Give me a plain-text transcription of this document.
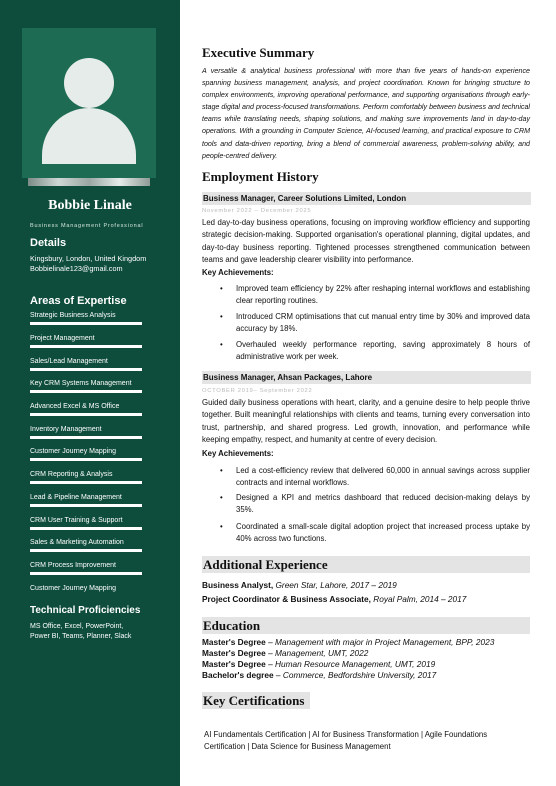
Bobbie Linale
Business Management Professional
Details
Kingsbury, London, United Kingdom
Bobbielinale123@gmail.com
Areas of Expertise
Strategic Business Analysis
Project Management
Sales/Lead Management
Key CRM Systems Management
Advanced Excel & MS Office
Inventory Management
Customer Journey Mapping
CRM Reporting & Analysis
Lead & Pipeline Management
CRM User Training & Support
Sales & Marketing Automation
CRM Process Improvement
Customer Journey Mapping
Technical Proficiencies
MS Office, Excel, PowerPoint,
Power BI, Teams, Planner, Slack
Executive Summary
A versatile & analytical business professional with more than five years of hands-on experience spanning business management, analysis, and project coordination. Known for bringing structure to complex environments, improving operational performance, and supporting organisations through early-stage digital and process-focused transformations. Perform comfortably between business and technical teams while translating needs, shaping solutions, and making sure improvements land in day-to-day operations. With a grounding in Computer Science, AI-focused learning, and practical exposure to CRM tools and data-driven reporting, bring a blend of commercial awareness, problem-solving ability, and people-centred delivery.
Employment History
Business Manager, Career Solutions Limited, London
November 2022 – December 2025
Led day-to-day business operations, focusing on improving workflow efficiency and supporting strategic decision-making. Supported organisation's operational planning, digital updates, and day-to-day business reporting. Tightened processes strengthened communication between teams and gave leadership clearer visibility into performance.
Key Achievements:
• Improved team efficiency by 22% after reshaping internal workflows and establishing clear reporting routines.
• Introduced CRM optimisations that cut manual entry time by 30% and improved data accuracy by 18%.
• Overhauled weekly performance reporting, saving approximately 8 hours of administrative work per week.
Business Manager, Ahsan Packages, Lahore
OCTOBER 2019– September 2022
Guided daily business operations with heart, clarity, and a genuine desire to help people thrive together. Built meaningful relationships with clients and teams, turning every conversation into trust, partnership, and shared progress. Led growth, innovation, and performance while keeping empathy, respect, and humanity at centre of every decision.
Key Achievements:
• Led a cost-efficiency review that delivered 60,000 in annual savings across supplier contracts and internal workflows.
• Designed a KPI and metrics dashboard that reduced decision-making delays by 35%.
• Coordinated a small-scale digital adoption project that increased process uptake by 40% across two functions.
Additional Experience
Business Analyst, Green Star, Lahore, 2017 – 2019
Project Coordinator & Business Associate, Royal Palm, 2014 – 2017
Education
Master's Degree – Management with major in Project Management, BPP, 2023
Master's Degree – Management, UMT, 2022
Master's Degree – Human Resource Management, UMT, 2019
Bachelor's degree – Commerce, Bedfordshire University, 2017
Key Certifications
AI Fundamentals Certification | AI for Business Transformation | Agile Foundations Certification | Data Science for Business Management
